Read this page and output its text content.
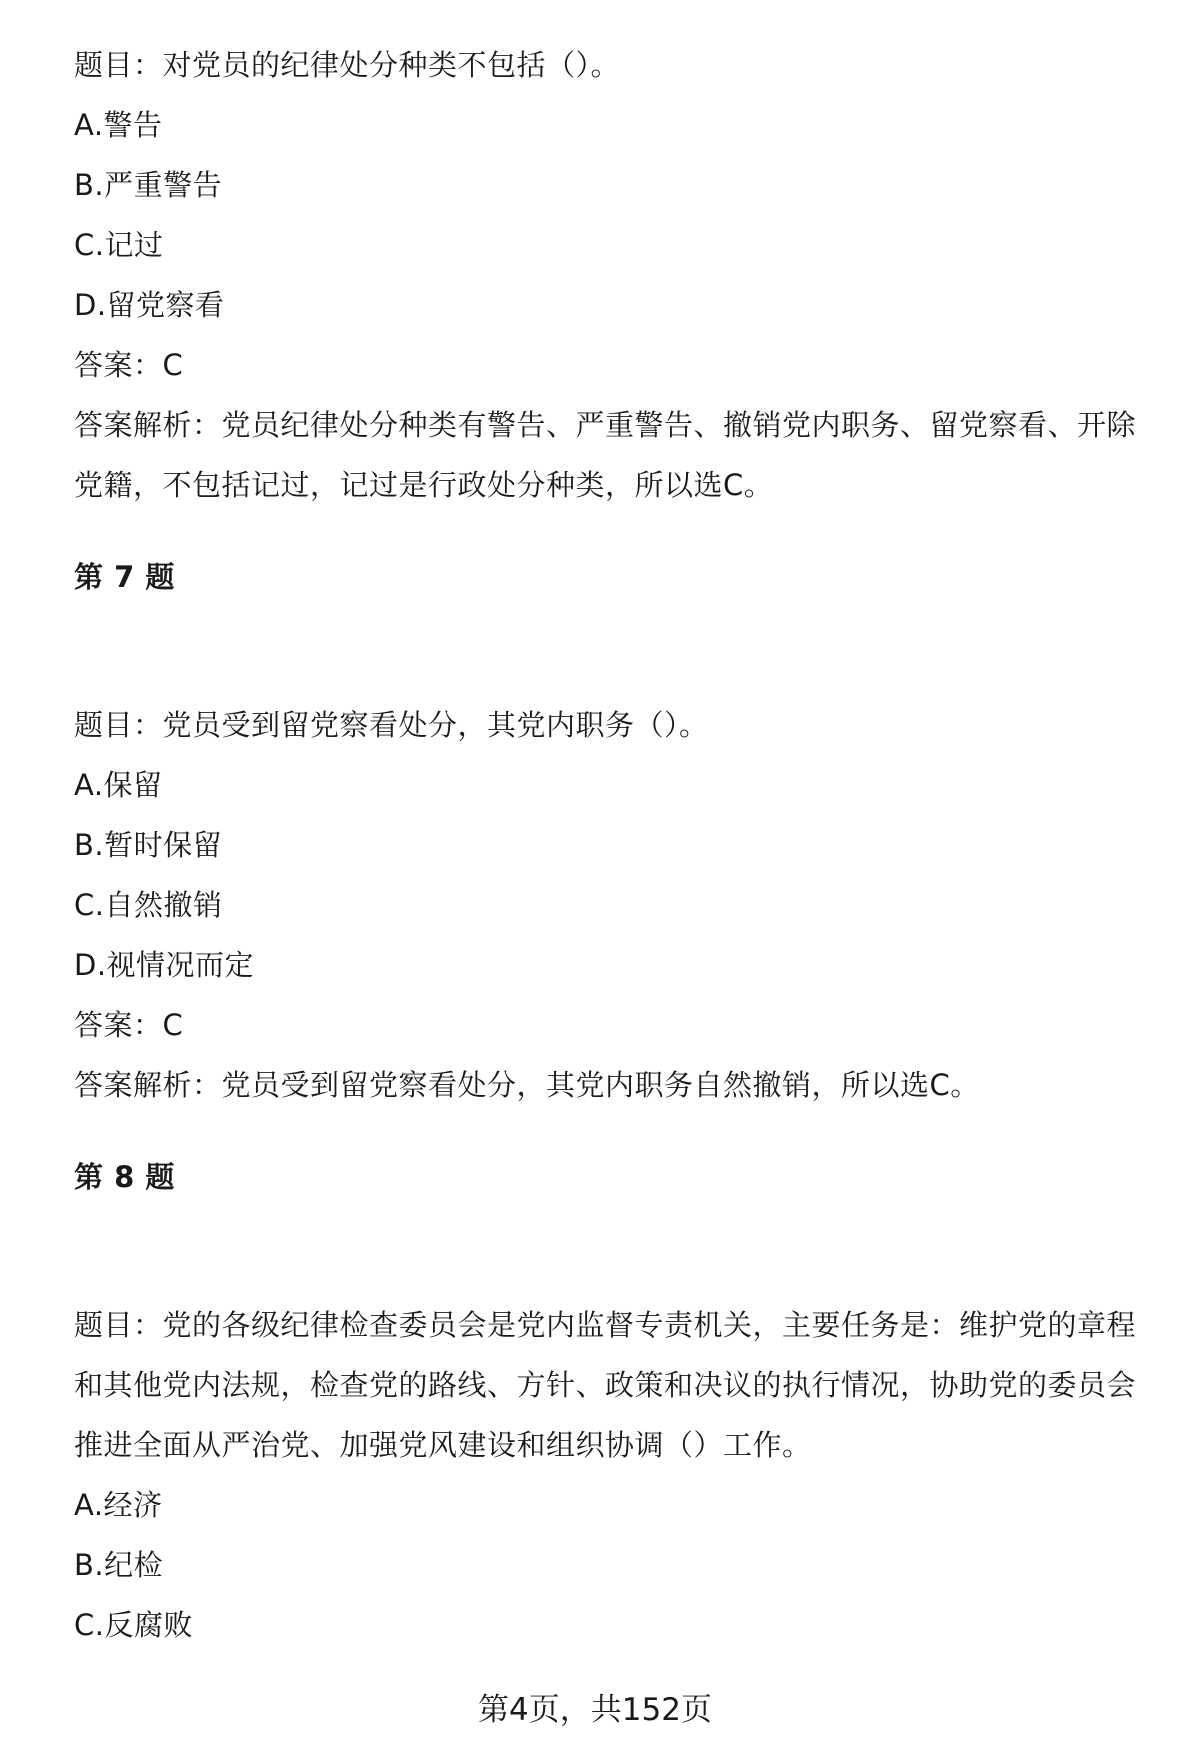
题目：对党员的纪律处分种类不包括（）。
A.警告
B.严重警告
C.记过
D.留党察看
答案：C
答案解析：党员纪律处分种类有警告、严重警告、撤销党内职务、留党察看、开除
党籍，不包括记过，记过是行政处分种类，所以选C。
第 7 题
题目：党员受到留党察看处分，其党内职务（）。
A.保留
B.暂时保留
C.自然撤销
D.视情况而定
答案：C
答案解析：党员受到留党察看处分，其党内职务自然撤销，所以选C。
第 8 题
题目：党的各级纪律检查委员会是党内监督专责机关，主要任务是：维护党的章程
和其他党内法规，检查党的路线、方针、政策和决议的执行情况，协助党的委员会
推进全面从严治党、加强党风建设和组织协调（）工作。
A.经济
B.纪检
C.反腐败
第4页，共152页
